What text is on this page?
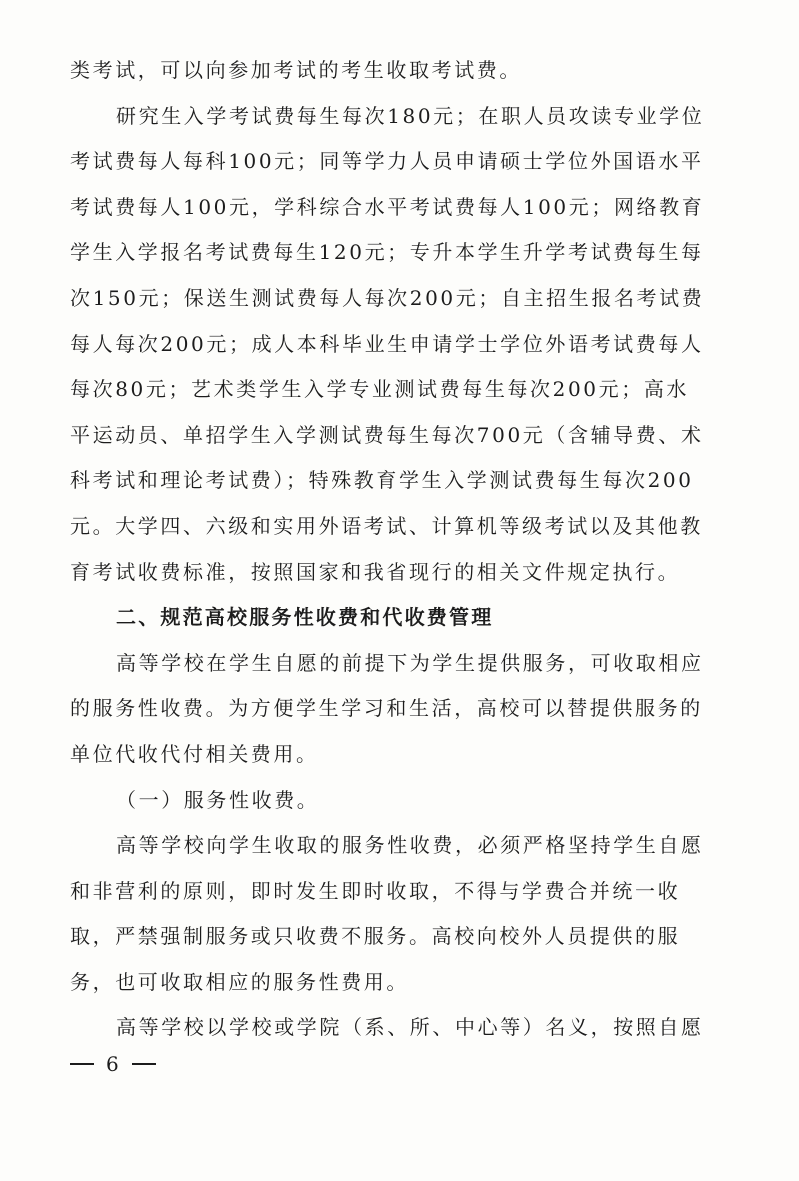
类考试，可以向参加考试的考生收取考试费。
研究生入学考试费每生每次180元；在职人员攻读专业学位
考试费每人每科100元；同等学力人员申请硕士学位外国语水平
考试费每人100元，学科综合水平考试费每人100元；网络教育
学生入学报名考试费每生120元；专升本学生升学考试费每生每
次150元；保送生测试费每人每次200元；自主招生报名考试费
每人每次200元；成人本科毕业生申请学士学位外语考试费每人
每次80元；艺术类学生入学专业测试费每生每次200元；高水
平运动员、单招学生入学测试费每生每次700元（含辅导费、术
科考试和理论考试费）；特殊教育学生入学测试费每生每次200
元。大学四、六级和实用外语考试、计算机等级考试以及其他教
育考试收费标准，按照国家和我省现行的相关文件规定执行。
二、规范高校服务性收费和代收费管理
高等学校在学生自愿的前提下为学生提供服务，可收取相应
的服务性收费。为方便学生学习和生活，高校可以替提供服务的
单位代收代付相关费用。
（一）服务性收费。
高等学校向学生收取的服务性收费，必须严格坚持学生自愿
和非营利的原则，即时发生即时收取，不得与学费合并统一收
取，严禁强制服务或只收费不服务。高校向校外人员提供的服
务，也可收取相应的服务性费用。
高等学校以学校或学院（系、所、中心等）名义，按照自愿
6
